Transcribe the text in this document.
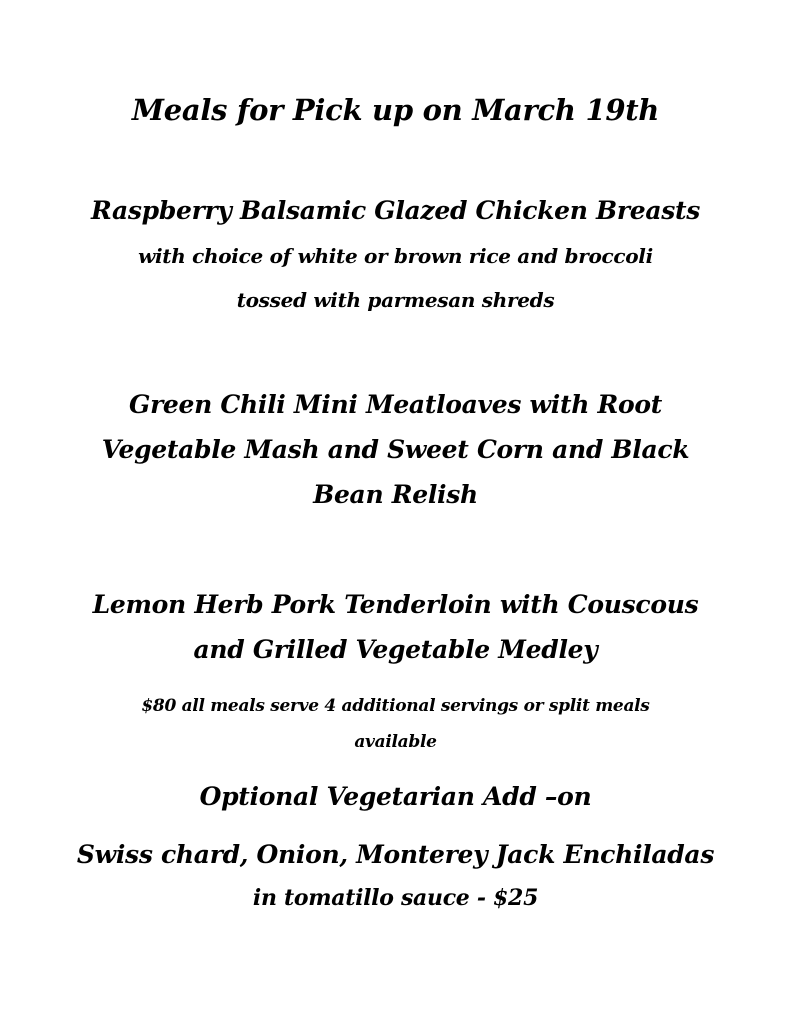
Meals for Pick up on March 19th
Raspberry Balsamic Glazed Chicken Breasts
with choice of white or brown rice and broccoli
tossed with parmesan shreds
Green Chili Mini Meatloaves with Root
Vegetable Mash and Sweet Corn and Black
Bean Relish
Lemon Herb Pork Tenderloin with Couscous
and Grilled Vegetable Medley
$80 all meals serve 4 additional servings or split meals
available
Optional Vegetarian Add –on
Swiss chard, Onion, Monterey Jack Enchiladas
in tomatillo sauce - $25
